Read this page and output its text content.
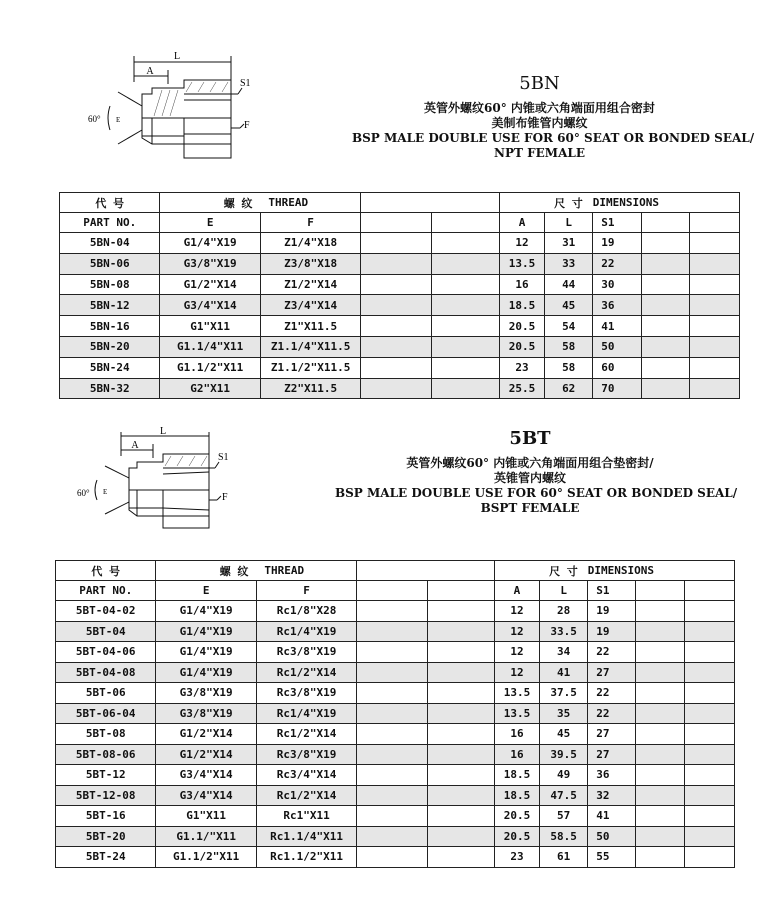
L
A
S1
F
E
60°
5BN
英管外螺纹60° 内锥或六角端面用组合密封
美制布锥管内螺纹
BSP MALE DOUBLE USE FOR 60° SEAT OR BONDED SEAL/
NPT FEMALE
代 号	螺 纹	THREAD			尺 寸		DIMENSIONS		
PART NO.	E	F			A	L	S1		
5BN-04	G1/4"X19	Z1/4"X18			12	31	19		
5BN-06	G3/8"X19	Z3/8"X18			13.5	33	22		
5BN-08	G1/2"X14	Z1/2"X14			16	44	30		
5BN-12	G3/4"X14	Z3/4"X14			18.5	45	36		
5BN-16	G1"X11	Z1"X11.5			20.5	54	41		
5BN-20	G1.1/4"X11	Z1.1/4"X11.5			20.5	58	50		
5BN-24	G1.1/2"X11	Z1.1/2"X11.5			23	58	60		
5BN-32	G2"X11	Z2"X11.5			25.5	62	70		
L
A
S1
F
E
60°
5BT
英管外螺纹60° 内锥或六角端面用组合垫密封/
英锥管内螺纹
BSP MALE DOUBLE USE FOR 60° SEAT OR BONDED SEAL/
BSPT FEMALE
代 号	螺 纹	THREAD			尺 寸		DIMENSIONS		
PART NO.	E	F			A	L	S1		
5BT-04-02	G1/4"X19	Rc1/8"X28			12	28	19		
5BT-04	G1/4"X19	Rc1/4"X19			12	33.5	19		
5BT-04-06	G1/4"X19	Rc3/8"X19			12	34	22		
5BT-04-08	G1/4"X19	Rc1/2"X14			12	41	27		
5BT-06	G3/8"X19	Rc3/8"X19			13.5	37.5	22		
5BT-06-04	G3/8"X19	Rc1/4"X19			13.5	35	22		
5BT-08	G1/2"X14	Rc1/2"X14			16	45	27		
5BT-08-06	G1/2"X14	Rc3/8"X19			16	39.5	27		
5BT-12	G3/4"X14	Rc3/4"X14			18.5	49	36		
5BT-12-08	G3/4"X14	Rc1/2"X14			18.5	47.5	32		
5BT-16	G1"X11	Rc1"X11			20.5	57	41		
5BT-20	G1.1/"X11	Rc1.1/4"X11			20.5	58.5	50		
5BT-24	G1.1/2"X11	Rc1.1/2"X11			23	61	55		
